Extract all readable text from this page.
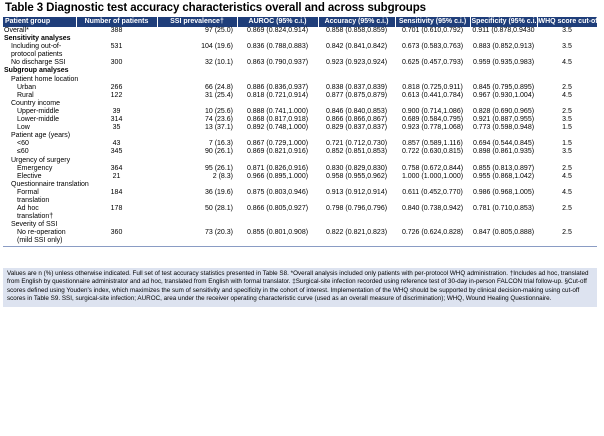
Table 3 Diagnostic test accuracy characteristics overall and across subgroups
Patient group	Number of patients	SSI prevalence†	AUROC (95% c.i.)	Accuracy (95% c.i.)	Sensitivity (95% c.i.)	Specificity (95% c.i.)	WHQ score cut-off§
Overall*	388	97 (25.0)	0.869 (0.824,0.914)	0.858 (0.858,0.859)	0.701 (0.610,0.792)	0.911 (0.878,0.9430	3.5
Sensitivity analyses							
Including out-of-	531	104 (19.6)	0.836 (0.788,0.883)	0.842 (0.841,0.842)	0.673 (0.583,0.763)	0.883 (0.852,0.913)	3.5
protocol patients							
No discharge SSI	300	32 (10.1)	0.863 (0.790,0.937)	0.923 (0.923,0.924)	0.625 (0.457,0.793)	0.959 (0.935,0.983)	4.5
Subgroup analyses							
Patient home location							
Urban	266	66 (24.8)	0.886 (0.836,0.937)	0.838 (0.837,0.839)	0.818 (0.725,0.911)	0.845 (0.795,0.895)	2.5
Rural	122	31 (25.4)	0.818 (0.721,0.914)	0.877 (0.875,0.879)	0.613 (0.441,0.784)	0.967 (0.930,1.004)	4.5
Country income							
Upper-middle	39	10 (25.6)	0.888 (0.741,1.000)	0.846 (0.840,0.853)	0.900 (0.714,1.086)	0.828 (0.690,0.965)	2.5
Lower-middle	314	74 (23.6)	0.868 (0.817,0.918)	0.866 (0.866,0.867)	0.689 (0.584,0.795)	0.921 (0.887,0.955)	3.5
Low	35	13 (37.1)	0.892 (0.748,1.000)	0.829 (0.837,0.837)	0.923 (0.778,1.068)	0.773 (0.598,0.948)	1.5
Patient age (years)							
<60	43	7 (16.3)	0.867 (0.729,1.000)	0.721 (0.712,0.730)	0.857 (0.589,1.116)	0.694 (0.544,0.845)	1.5
≤60	345	90 (26.1)	0.869 (0.821,0.916)	0.852 (0.851,0.853)	0.722 (0.630,0.815)	0.898 (0.861,0.935)	3.5
Urgency of surgery							
Emergency	364	95 (26.1)	0.871 (0.826,0.916)	0.830 (0.829,0.830)	0.758 (0.672,0.844)	0.855 (0.813,0.897)	2.5
Elective	21	2 (8.3)	0.966 (0.895,1.000)	0.958 (0.955,0.962)	1.000 (1.000,1.000)	0.955 (0.868,1.042)	4.5
Questionnaire translation							
Formal	184	36 (19.6)	0.875 (0.803,0.946)	0.913 (0.912,0.914)	0.611 (0.452,0.770)	0.986 (0.968,1.005)	4.5
translation							
Ad hoc	178	50 (28.1)	0.866 (0.805,0.927)	0.798 (0.796,0.796)	0.840 (0.738,0.942)	0.781 (0.710,0.853)	2.5
translation†							
Severity of SSI							
No re-operation	360	73 (20.3)	0.855 (0.801,0.908)	0.822 (0.821,0.823)	0.726 (0.624,0.828)	0.847 (0.805,0.888)	2.5
(mild SSI only)							
Values are n (%) unless otherwise indicated. Full set of test accuracy statistics presented in Table S8. *Overall analysis included only patients with per-protocol WHQ administration. †Includes ad hoc, translated from English by questionnaire administrator and ad hoc, translated from English with formal translator. ‡Surgical-site infection recorded using reference test of 30-day in-person FALCON trial follow-up. §Cut-off scores defined using Youden's index, which maximizes the sum of sensitivity and specificity in the cohort of interest. Implementation of the WHQ should be supported by clinical decision-making using cut-off scores in Table S9. SSI, surgical-site infection; AUROC, area under the receiver operating characteristic curve (used as an overall measure of discrimination); WHQ, Wound Healing Questionnaire.
